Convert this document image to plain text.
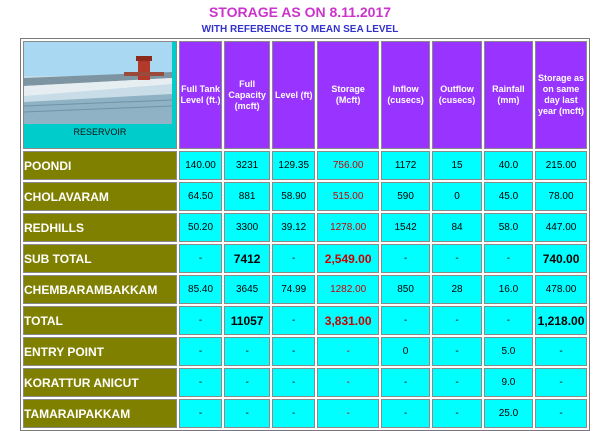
STORAGE AS ON 8.11.2017
WITH REFERENCE TO MEAN SEA LEVEL
RESERVOIR	Full Tank Level (ft.)	Full Capacity (mcft)	Level (ft)	Storage (Mcft)	Inflow (cusecs)	Outflow (cusecs)	Rainfall (mm)	Storage as on same day last year (mcft)
POONDI	140.00	3231	129.35	756.00	1172	15	40.0	215.00
CHOLAVARAM	64.50	881	58.90	515.00	590	0	45.0	78.00
REDHILLS	50.20	3300	39.12	1278.00	1542	84	58.0	447.00
SUB TOTAL	-	7412	-	2,549.00	-	-	-	740.00
CHEMBARAMBAKKAM	85.40	3645	74.99	1282.00	850	28	16.0	478.00
TOTAL	-	11057	-	3,831.00	-	-	-	1,218.00
ENTRY POINT	-	-	-	-	0	-	5.0	-
KORATTUR ANICUT	-	-	-	-	-	-	9.0	-
TAMARAIPAKKAM	-	-	-	-	-	-	25.0	-
